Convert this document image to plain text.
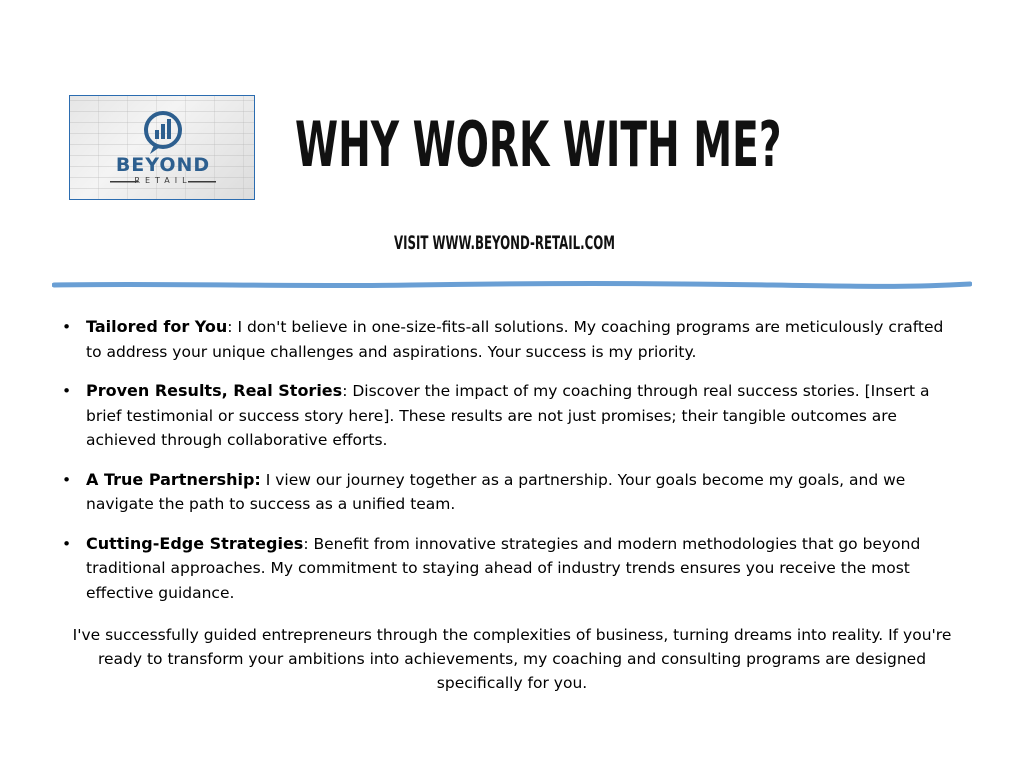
BEYOND
RETAIL	WHY WORK WITH ME?
VISIT WWW.BEYOND-RETAIL.COM
• Tailored for You: I don't believe in one-size-fits-all solutions. My coaching programs are meticulously crafted to address your unique challenges and aspirations. Your success is my priority.
• Proven Results, Real Stories: Discover the impact of my coaching through real success stories. [Insert a brief testimonial or success story here]. These results are not just promises; their tangible outcomes are achieved through collaborative efforts.
• A True Partnership: I view our journey together as a partnership. Your goals become my goals, and we navigate the path to success as a unified team.
• Cutting-Edge Strategies: Benefit from innovative strategies and modern methodologies that go beyond traditional approaches. My commitment to staying ahead of industry trends ensures you receive the most effective guidance.

I've successfully guided entrepreneurs through the complexities of business, turning dreams into reality. If you're ready to transform your ambitions into achievements, my coaching and consulting programs are designed specifically for you.
